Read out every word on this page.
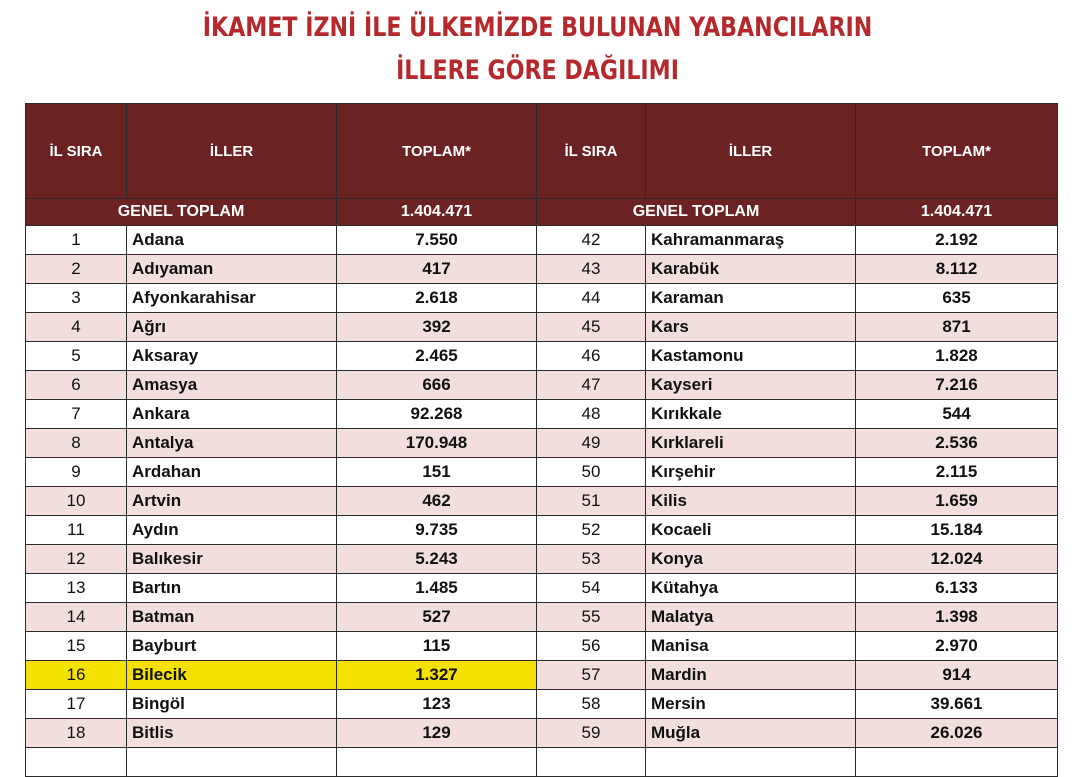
İKAMET İZNİ İLE ÜLKEMİZDE BULUNAN YABANCILARIN
İLLERE GÖRE DAĞILIMI
İL SIRA	İLLER	TOPLAM*	İL SIRA	İLLER	TOPLAM*
GENEL TOPLAM		1.404.471	GENEL TOPLAM		1.404.471
1	Adana	7.550	42	Kahramanmaraş	2.192
2	Adıyaman	417	43	Karabük	8.112
3	Afyonkarahisar	2.618	44	Karaman	635
4	Ağrı	392	45	Kars	871
5	Aksaray	2.465	46	Kastamonu	1.828
6	Amasya	666	47	Kayseri	7.216
7	Ankara	92.268	48	Kırıkkale	544
8	Antalya	170.948	49	Kırklareli	2.536
9	Ardahan	151	50	Kırşehir	2.115
10	Artvin	462	51	Kilis	1.659
11	Aydın	9.735	52	Kocaeli	15.184
12	Balıkesir	5.243	53	Konya	12.024
13	Bartın	1.485	54	Kütahya	6.133
14	Batman	527	55	Malatya	1.398
15	Bayburt	115	56	Manisa	2.970
16	Bilecik	1.327	57	Mardin	914
17	Bingöl	123	58	Mersin	39.661
18	Bitlis	129	59	Muğla	26.026
